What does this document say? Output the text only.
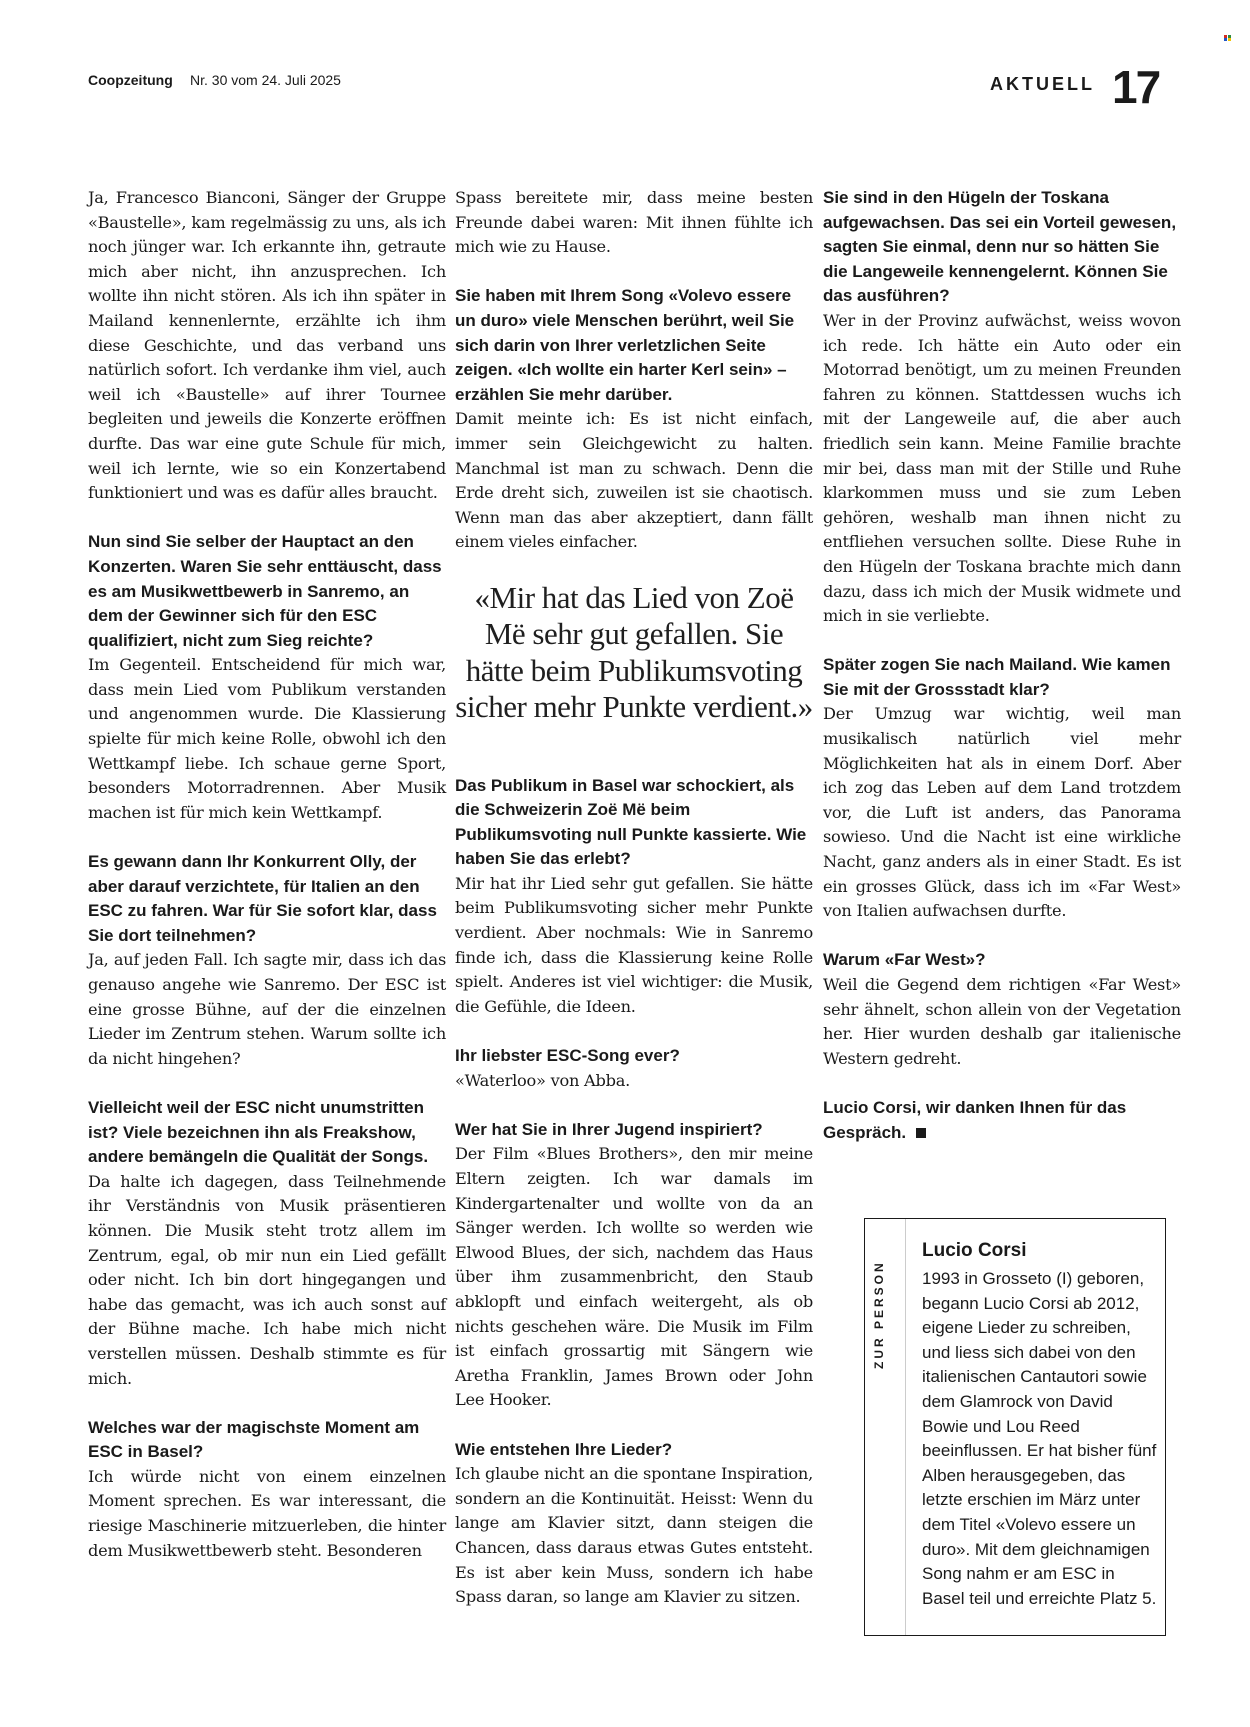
Coopzeitung Nr. 30 vom 24. Juli 2025	AKTUELL 17
Ja, Francesco Bianconi, Sänger der Gruppe «Baustelle», kam regelmässig zu uns, als ich noch jünger war. Ich erkannte ihn, getraute mich aber nicht, ihn anzusprechen. Ich wollte ihn nicht stören. Als ich ihn später in Mailand kennenlernte, erzählte ich ihm diese Geschichte, und das verband uns natürlich sofort. Ich verdanke ihm viel, auch weil ich «Baustelle» auf ihrer Tournee begleiten und jeweils die Konzerte eröffnen durfte. Das war eine gute Schule für mich, weil ich lernte, wie so ein Konzertabend funktioniert und was es dafür alles braucht.
Nun sind Sie selber der Hauptact an den Konzerten. Waren Sie sehr enttäuscht, dass es am Musikwettbewerb in Sanremo, an dem der Gewinner sich für den ESC qualifiziert, nicht zum Sieg reichte?
Im Gegenteil. Entscheidend für mich war, dass mein Lied vom Publikum verstanden und angenommen wurde. Die Klassierung spielte für mich keine Rolle, obwohl ich den Wettkampf liebe. Ich schaue gerne Sport, besonders Motorradrennen. Aber Musik machen ist für mich kein Wettkampf.
Es gewann dann Ihr Konkurrent Olly, der aber darauf verzichtete, für Italien an den ESC zu fahren. War für Sie sofort klar, dass Sie dort teilnehmen?
Ja, auf jeden Fall. Ich sagte mir, dass ich das genauso angehe wie Sanremo. Der ESC ist eine grosse Bühne, auf der die einzelnen Lieder im Zentrum stehen. Warum sollte ich da nicht hingehen?
Vielleicht weil der ESC nicht unumstritten ist? Viele bezeichnen ihn als Freakshow, andere bemängeln die Qualität der Songs.
Da halte ich dagegen, dass Teilnehmende ihr Verständnis von Musik präsentieren können. Die Musik steht trotz allem im Zentrum, egal, ob mir nun ein Lied gefällt oder nicht. Ich bin dort hingegangen und habe das gemacht, was ich auch sonst auf der Bühne mache. Ich habe mich nicht verstellen müssen. Deshalb stimmte es für mich.
Welches war der magischste Moment am ESC in Basel?
Ich würde nicht von einem einzelnen Moment sprechen. Es war interessant, die riesige Maschinerie mitzuerleben, die hinter dem Musikwettbewerb steht. Besonderen
Spass bereitete mir, dass meine besten Freunde dabei waren: Mit ihnen fühlte ich mich wie zu Hause.
Sie haben mit Ihrem Song «Volevo essere un duro» viele Menschen berührt, weil Sie sich darin von Ihrer verletzlichen Seite zeigen. «Ich wollte ein harter Kerl sein» – erzählen Sie mehr darüber.
Damit meinte ich: Es ist nicht einfach, immer sein Gleichgewicht zu halten. Manchmal ist man zu schwach. Denn die Erde dreht sich, zuweilen ist sie chaotisch. Wenn man das aber akzeptiert, dann fällt einem vieles einfacher.
«Mir hat das Lied von Zoë Më sehr gut gefallen. Sie hätte beim Publikumsvoting sicher mehr Punkte verdient.»
Das Publikum in Basel war schockiert, als die Schweizerin Zoë Më beim Publikumsvoting null Punkte kassierte. Wie haben Sie das erlebt?
Mir hat ihr Lied sehr gut gefallen. Sie hätte beim Publikumsvoting sicher mehr Punkte verdient. Aber nochmals: Wie in Sanremo finde ich, dass die Klassierung keine Rolle spielt. Anderes ist viel wichtiger: die Musik, die Gefühle, die Ideen.
Ihr liebster ESC-Song ever?
«Waterloo» von Abba.
Wer hat Sie in Ihrer Jugend inspiriert?
Der Film «Blues Brothers», den mir meine Eltern zeigten. Ich war damals im Kindergartenalter und wollte von da an Sänger werden. Ich wollte so werden wie Elwood Blues, der sich, nachdem das Haus über ihm zusammenbricht, den Staub abklopft und einfach weitergeht, als ob nichts geschehen wäre. Die Musik im Film ist einfach grossartig mit Sängern wie Aretha Franklin, James Brown oder John Lee Hooker.
Wie entstehen Ihre Lieder?
Ich glaube nicht an die spontane Inspiration, sondern an die Kontinuität. Heisst: Wenn du lange am Klavier sitzt, dann steigen die Chancen, dass daraus etwas Gutes entsteht. Es ist aber kein Muss, sondern ich habe Spass daran, so lange am Klavier zu sitzen.
Sie sind in den Hügeln der Toskana aufgewachsen. Das sei ein Vorteil gewesen, sagten Sie einmal, denn nur so hätten Sie die Langeweile kennengelernt. Können Sie das ausführen?
Wer in der Provinz aufwächst, weiss wovon ich rede. Ich hätte ein Auto oder ein Motorrad benötigt, um zu meinen Freunden fahren zu können. Stattdessen wuchs ich mit der Langeweile auf, die aber auch friedlich sein kann. Meine Familie brachte mir bei, dass man mit der Stille und Ruhe klarkommen muss und sie zum Leben gehören, weshalb man ihnen nicht zu entfliehen versuchen sollte. Diese Ruhe in den Hügeln der Toskana brachte mich dann dazu, dass ich mich der Musik widmete und mich in sie verliebte.
Später zogen Sie nach Mailand. Wie kamen Sie mit der Grossstadt klar?
Der Umzug war wichtig, weil man musikalisch natürlich viel mehr Möglichkeiten hat als in einem Dorf. Aber ich zog das Leben auf dem Land trotzdem vor, die Luft ist anders, das Panorama sowieso. Und die Nacht ist eine wirkliche Nacht, ganz anders als in einer Stadt. Es ist ein grosses Glück, dass ich im «Far West» von Italien aufwachsen durfte.
Warum «Far West»?
Weil die Gegend dem richtigen «Far West» sehr ähnelt, schon allein von der Vegetation her. Hier wurden deshalb gar italienische Western gedreht.
Lucio Corsi, wir danken Ihnen für das Gespräch.
ZUR PERSON
Lucio Corsi
1993 in Grosseto (I) geboren, begann Lucio Corsi ab 2012, eigene Lieder zu schreiben, und liess sich dabei von den italienischen Cantautori sowie dem Glamrock von David Bowie und Lou Reed beeinflussen. Er hat bisher fünf Alben herausgegeben, das letzte erschien im März unter dem Titel «Volevo essere un duro». Mit dem gleichnamigen Song nahm er am ESC in Basel teil und erreichte Platz 5.
